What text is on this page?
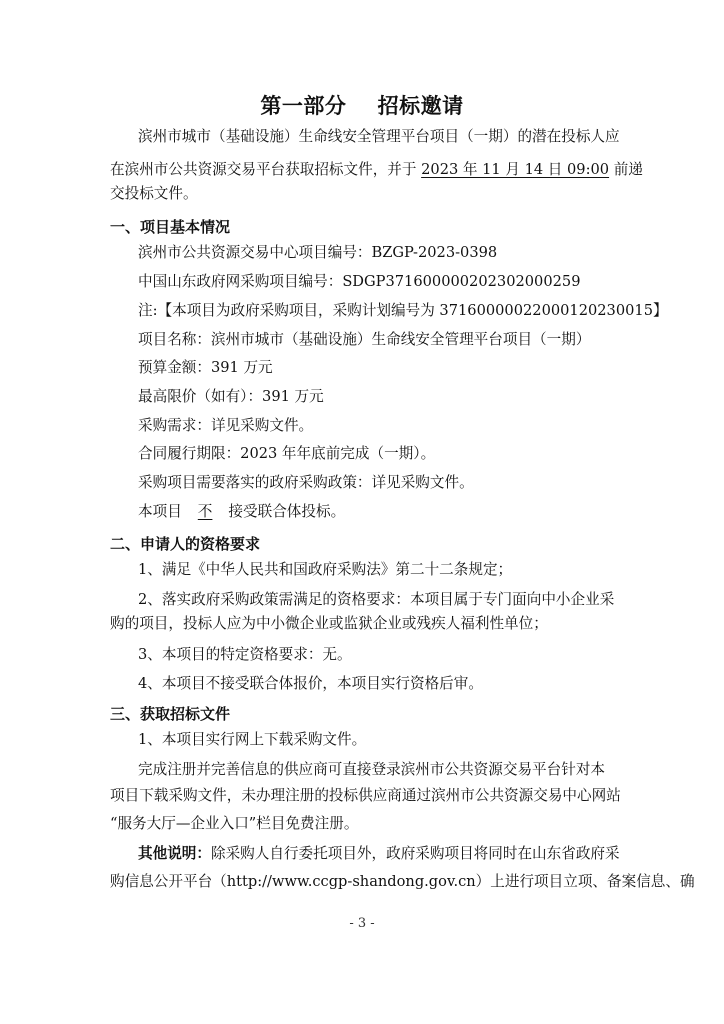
第一部分    招标邀请
滨州市城市（基础设施）生命线安全管理平台项目（一期）的潜在投标人应
在滨州市公共资源交易平台获取招标文件，并于 2023 年 11 月 14 日 09:00 前递
交投标文件。
一、项目基本情况
滨州市公共资源交易中心项目编号：BZGP-2023-0398
中国山东政府网采购项目编号：SDGP371600000202302000259
注:【本项目为政府采购项目，采购计划编号为 37160000022000120230015】
项目名称：滨州市城市（基础设施）生命线安全管理平台项目（一期）
预算金额：391 万元
最高限价（如有）：391 万元
采购需求：详见采购文件。
合同履行期限：2023 年年底前完成（一期）。
采购项目需要落实的政府采购政策：详见采购文件。
本项目 不 接受联合体投标。
二、申请人的资格要求
1、满足《中华人民共和国政府采购法》第二十二条规定；
2、落实政府采购政策需满足的资格要求：本项目属于专门面向中小企业采
购的项目，投标人应为中小微企业或监狱企业或残疾人福利性单位；
3、本项目的特定资格要求：无。
4、本项目不接受联合体报价，本项目实行资格后审。
三、获取招标文件
1、本项目实行网上下载采购文件。
完成注册并完善信息的供应商可直接登录滨州市公共资源交易平台针对本
项目下载采购文件，未办理注册的投标供应商通过滨州市公共资源交易中心网站
“服务大厅—企业入口”栏目免费注册。
其他说明：除采购人自行委托项目外，政府采购项目将同时在山东省政府采
购信息公开平台（http://www.ccgp-shandong.gov.cn）上进行项目立项、备案信息、确
- 3 -
